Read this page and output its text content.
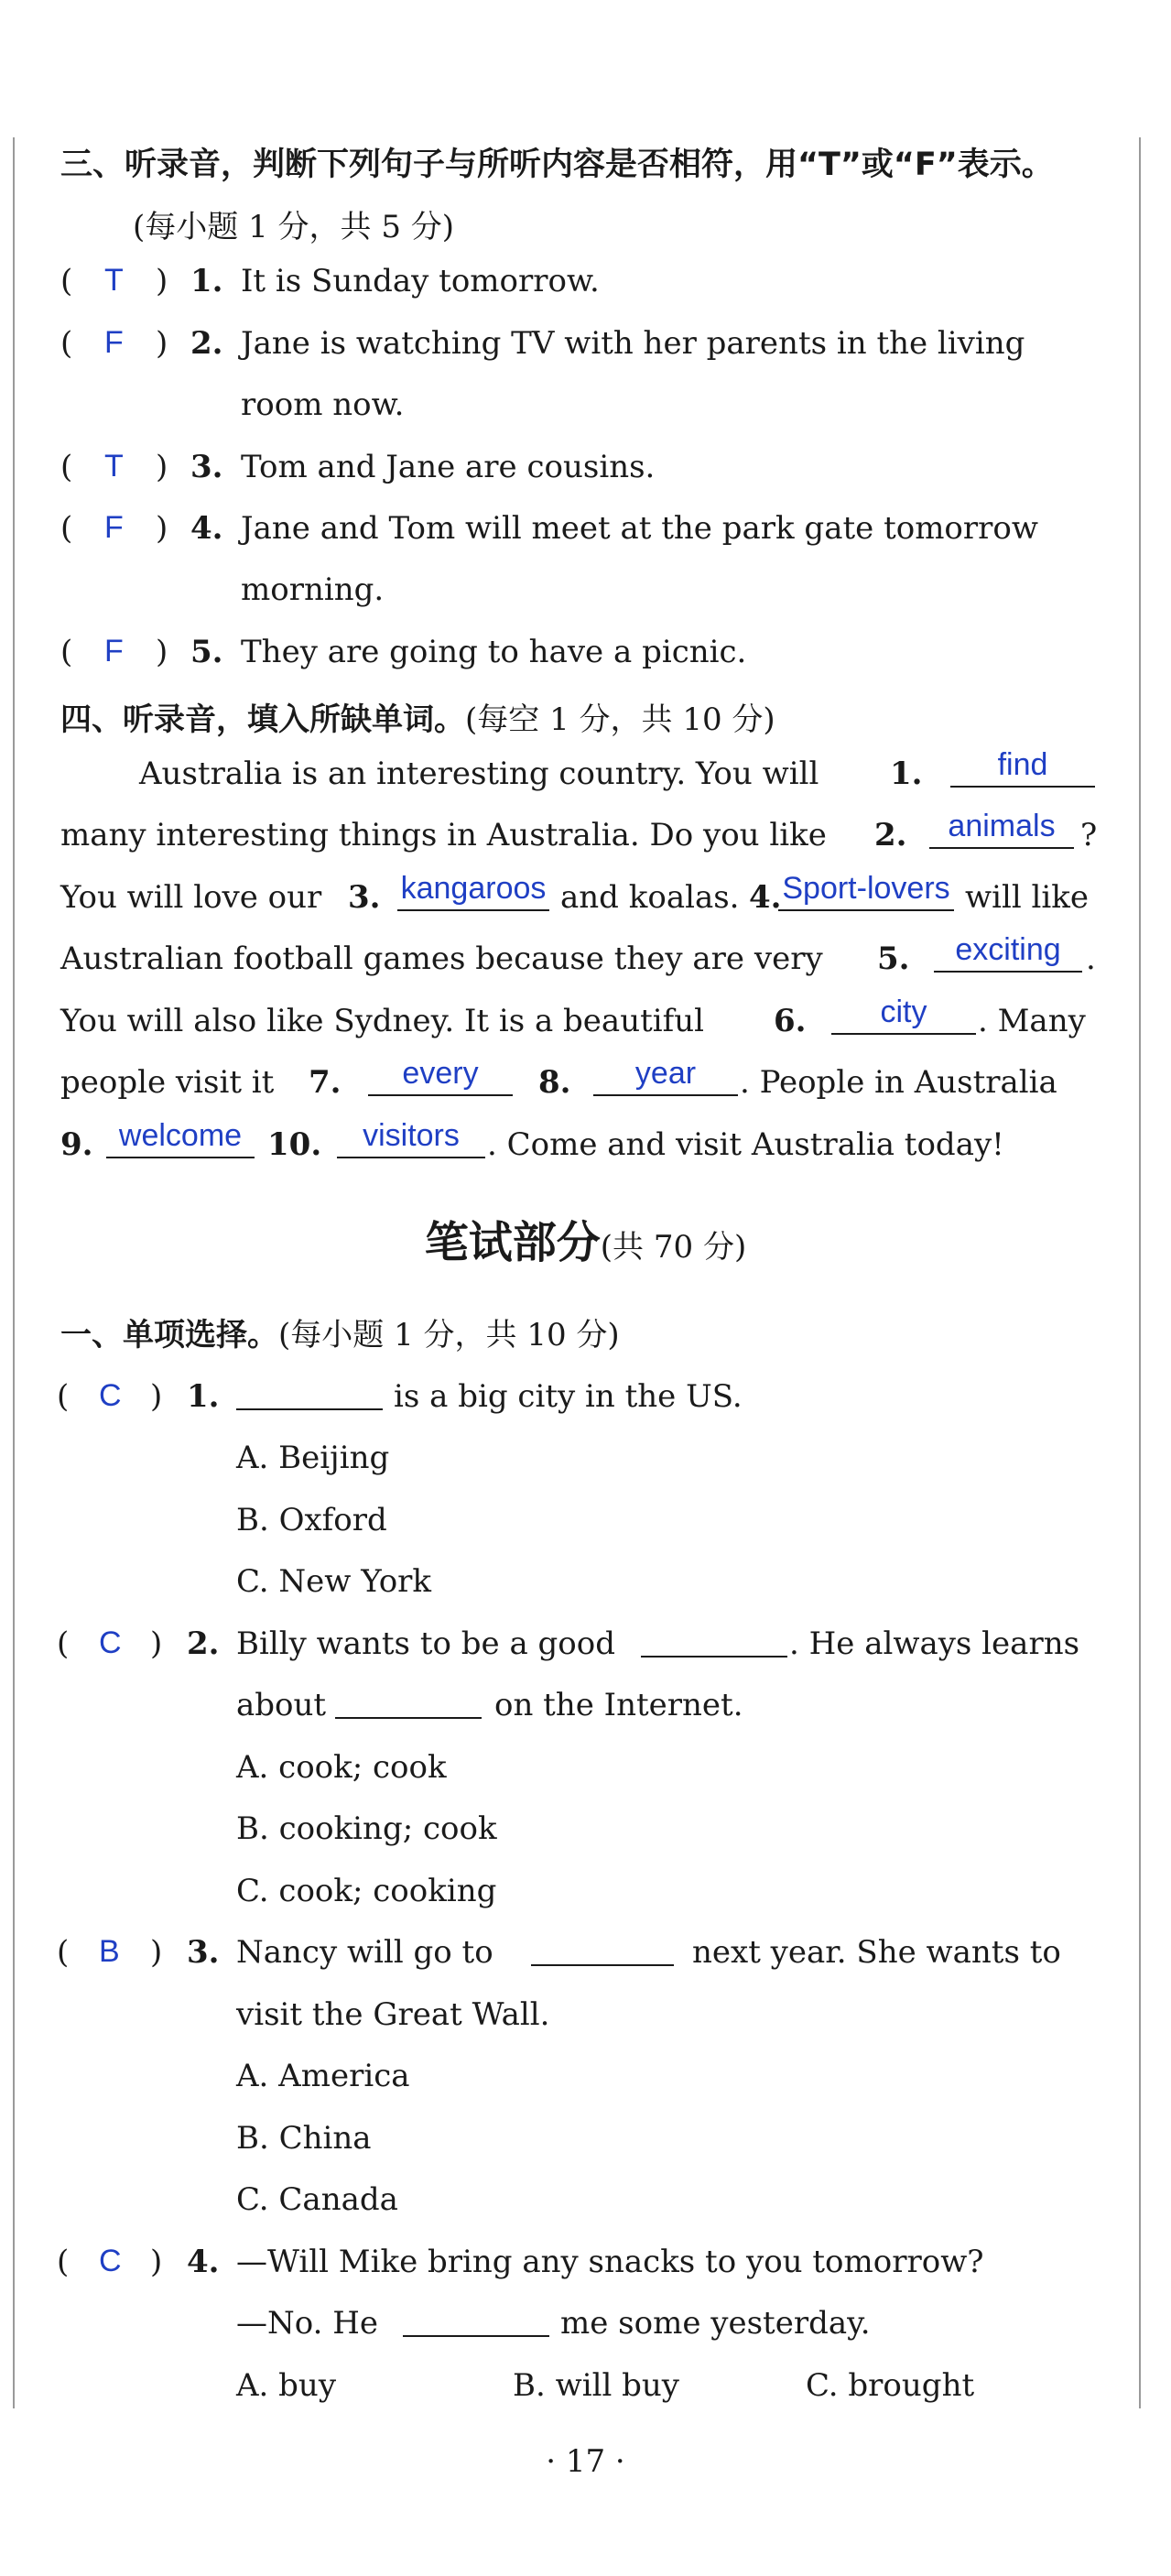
三、听录音，判断下列句子与所听内容是否相符，用“T”或“F”表示。
(每小题 1 分，共 5 分)
( T ) 1. It is Sunday tomorrow.
( F ) 2. Jane is watching TV with her parents in the living
room now.
( T ) 3. Tom and Jane are cousins.
( F ) 4. Jane and Tom will meet at the park gate tomorrow
morning.
( F ) 5. They are going to have a picnic.
四、听录音，填入所缺单词。(每空 1 分，共 10 分)
Australia is an interesting country. You will 1.	find
many interesting things in Australia. Do you like 2.	animals ?
You will love our 3. kangaroos and koalas. 4. Sport-lovers will like
Australian football games because they are very 5.	exciting .
You will also like Sydney. It is a beautiful 6.	city	. Many
people visit it 7.	every	8.	year	. People in Australia
9. welcome 10.	visitors . Come and visit Australia today!
笔试部分(共 70 分)
一、单项选择。(每小题 1 分，共 10 分)
( C ) 1.	is a big city in the US.
A. Beijing
B. Oxford
C. New York
( C ) 2. Billy wants to be a good	. He always learns
about	on the Internet.
A. cook; cook
B. cooking; cook
C. cook; cooking
( B ) 3. Nancy will go to	next year. She wants to
visit the Great Wall.
A. America
B. China
C. Canada
( C ) 4. —Will Mike bring any snacks to you tomorrow?
—No. He	me some yesterday.
A. buy	B. will buy	C. brought
· 17 ·
